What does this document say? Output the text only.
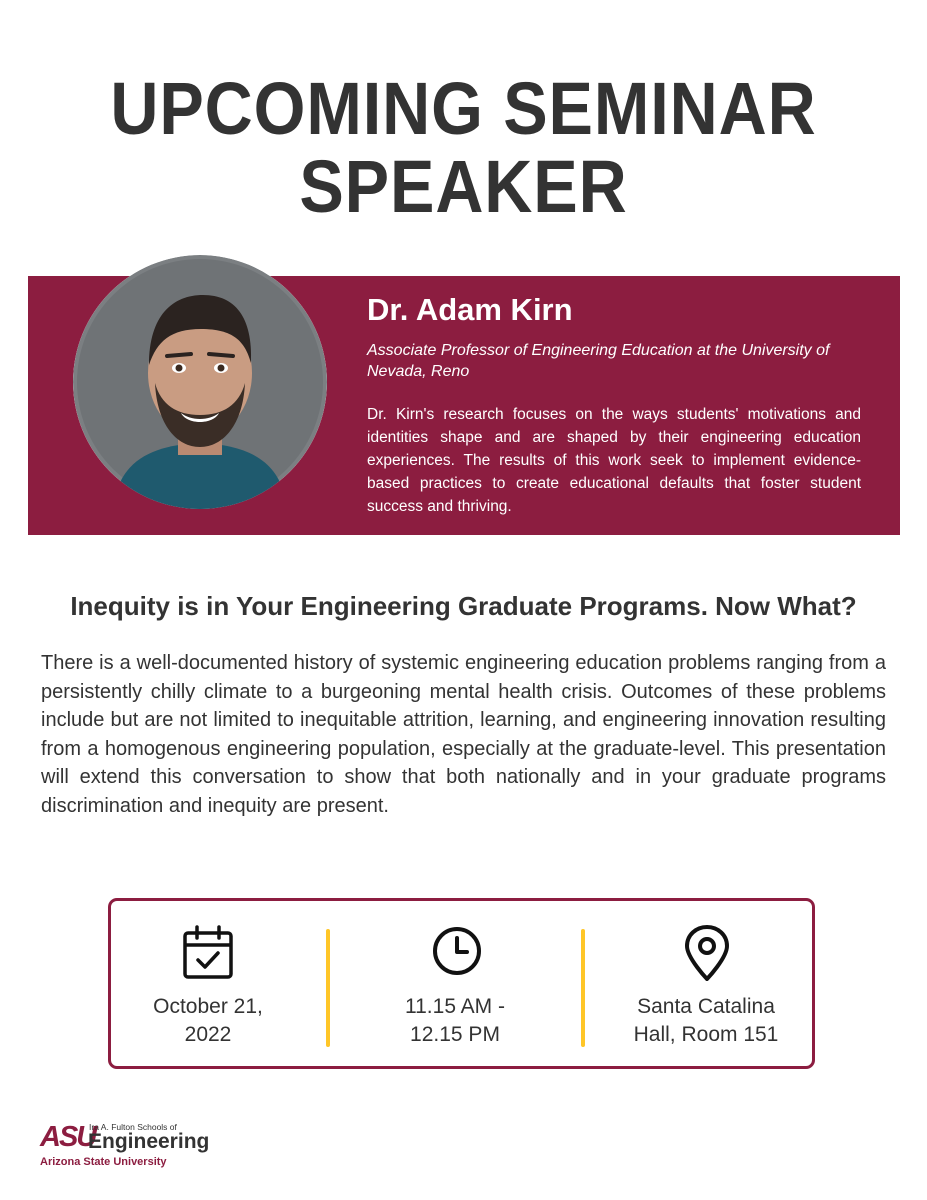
UPCOMING SEMINAR
SPEAKER
Dr. Adam Kirn
Associate Professor of Engineering Education at the University of Nevada, Reno
Dr. Kirn's research focuses on the ways students' motivations and identities shape and are shaped by their engineering education experiences. The results of this work seek to implement evidence-based practices to create educational defaults that foster student success and thriving.
Inequity is in Your Engineering Graduate Programs. Now What?
There is a well-documented history of systemic engineering education problems ranging from a persistently chilly climate to a burgeoning mental health crisis. Outcomes of these problems include but are not limited to inequitable attrition, learning, and engineering innovation resulting from a homogenous engineering population, especially at the graduate-level. This presentation will extend this conversation to show that both nationally and in your graduate programs discrimination and inequity are present.
October 21,
2022
11.15 AM -
12.15 PM
Santa Catalina
Hall, Room 151
ASU
Ira A. Fulton Schools of
Engineering
Arizona State University
